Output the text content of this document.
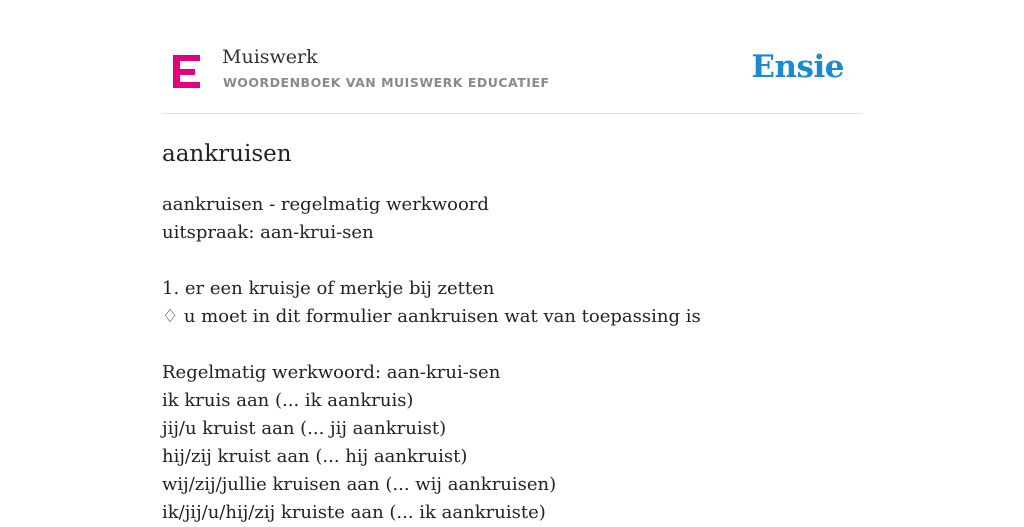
Muiswerk
WOORDENBOEK VAN MUISWERK EDUCATIEF	Ensie
aankruisen
aankruisen - regelmatig werkwoord
uitspraak: aan-krui-sen
1. er een kruisje of merkje bij zetten
♢ u moet in dit formulier aankruisen wat van toepassing is
Regelmatig werkwoord: aan-krui-sen
ik kruis aan (... ik aankruis)
jij/u kruist aan (... jij aankruist)
hij/zij kruist aan (... hij aankruist)
wij/zij/jullie kruisen aan (... wij aankruisen)
ik/jij/u/hij/zij kruiste aan (... ik aankruiste)
